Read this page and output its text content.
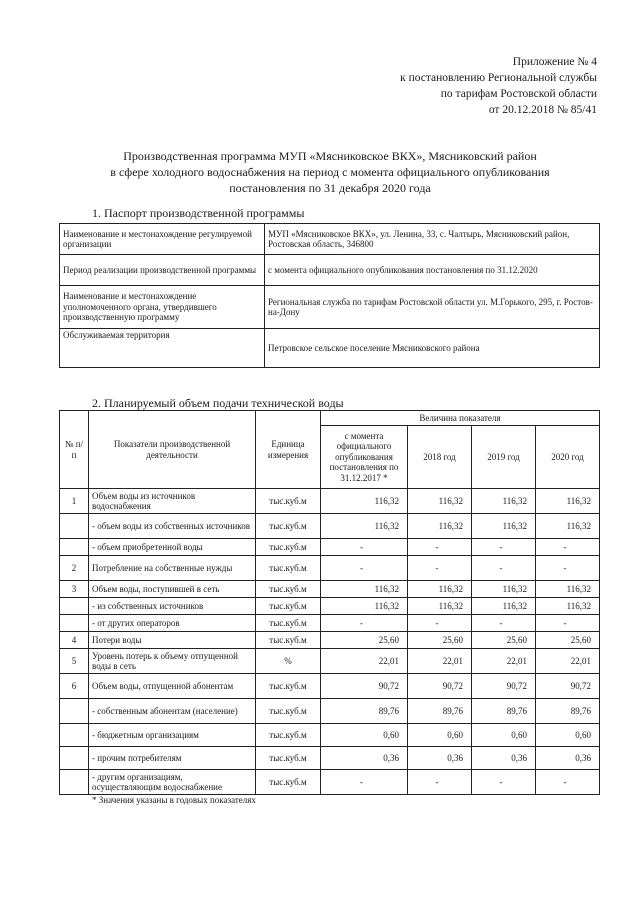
Приложение № 4
к постановлению Региональной службы
по тарифам Ростовской области
от 20.12.2018 № 85/41
Производственная программа МУП «Мясниковское ВКХ», Мясниковский район
в сфере холодного водоснабжения на период с момента официального опубликования
постановления по 31 декабря 2020 года
1. Паспорт производственной программы
Наименование и местонахождение регулируемой организации	МУП «Мясниковское ВКХ», ул. Ленина, 33, с. Чалтырь, Мясниковский район, Ростовская область, 346800
Период реализации производственной программы	с момента официального опубликования постановления по 31.12.2020
Наименование и местонахождение уполномоченного органа, утвердившего производственную программу	Региональная служба по тарифам Ростовской области ул. М.Горького, 295, г. Ростов-на-Дону
Обслуживаемая территория	Петровское сельское поселение Мясниковского района
2. Планируемый объем подачи технической воды
№ п/п	Показатели производственной деятельности	Единица измерения	Величина показателя			
			с момента официального опубликования постановления по 31.12.2017 *	2018 год	2019 год	2020 год
1	Объем воды из источников водоснабжения	тыс.куб.м	116,32	116,32	116,32	116,32
	- объем воды из собственных источников	тыс.куб.м	116,32	116,32	116,32	116,32
	- объем приобретенной воды	тыс.куб.м	-	-	-	-
2	Потребление на собственные нужды	тыс.куб.м	-	-	-	-
3	Объем воды, поступившей в сеть	тыс.куб.м	116,32	116,32	116,32	116,32
	- из собственных источников	тыс.куб.м	116,32	116,32	116,32	116,32
	- от других операторов	тыс.куб.м	-	-	-	-
4	Потери воды	тыс.куб.м	25,60	25,60	25,60	25,60
5	Уровень потерь к объему отпущенной воды в сеть	%	22,01	22,01	22,01	22,01
6	Объем воды, отпущенной абонентам	тыс.куб.м	90,72	90,72	90,72	90,72
	- собственным абонентам (население)	тыс.куб.м	89,76	89,76	89,76	89,76
	- бюджетным организациям	тыс.куб.м	0,60	0,60	0,60	0,60
	- прочим потребителям	тыс.куб.м	0,36	0,36	0,36	0,36
	- другим организациям, осуществляющим водоснабжение	тыс.куб.м	-	-	-	-
* Значения указаны в годовых показателях
